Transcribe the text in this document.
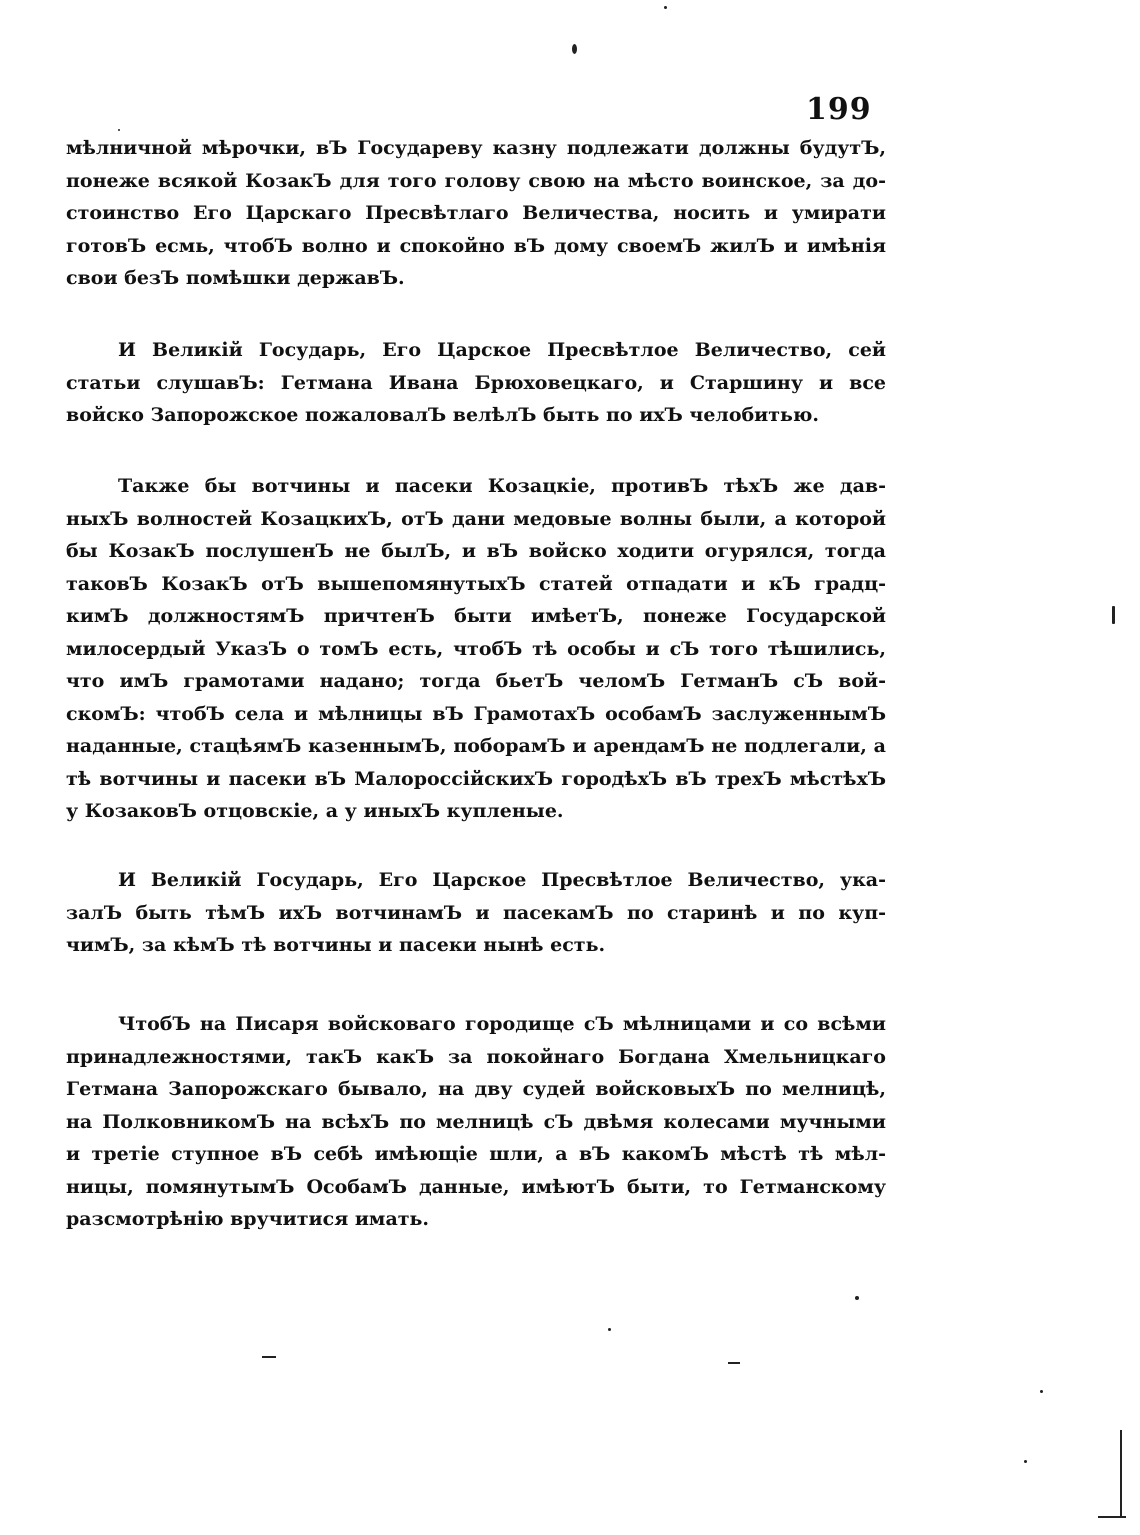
199
мѣлничной мѣрочки, вЪ Государеву казну подлежати должны будутЪ,
понеже всякой КозакЪ для того голову свою на мѣсто воинское, за до-
стоинство Его Царскаго Пресвѣтлаго Величества, носить и умирати
готовЪ есмь, чтобЪ волно и спокойно вЪ дому своемЪ жилЪ и имѣнія
свои безЪ помѣшки державЪ.
И Великій Государь, Его Царское Пресвѣтлое Величество, сей
статьи слушавЪ: Гетмана Ивана Брюховецкаго, и Старшину и все
войско Запорожское пожаловалЪ велѣлЪ быть по ихЪ челобитью.
Также бы вотчины и пасеки Козацкіе, противЪ тѣхЪ же дав-
ныхЪ волностей КозацкихЪ, отЪ дани медовые волны были, а которой
бы КозакЪ послушенЪ не былЪ, и вЪ войско ходити огурялся, тогда
таковЪ КозакЪ отЪ вышепомянутыхЪ статей отпадати и кЪ градц-
кимЪ должностямЪ причтенЪ быти имѣетЪ, понеже Государской
милосердый УказЪ о томЪ есть, чтобЪ тѣ особы и сЪ того тѣшились,
что имЪ грамотами надано; тогда бьетЪ челомЪ ГетманЪ сЪ вой-
скомЪ: чтобЪ села и мѣлницы вЪ ГрамотахЪ особамЪ заслуженнымЪ
наданные, стацѣямЪ казеннымЪ, поборамЪ и арендамЪ не подлегали, а
тѣ вотчины и пасеки вЪ МалороссійскихЪ городѣхЪ вЪ трехЪ мѣстѣхЪ
у КозаковЪ отцовскіе, а у иныхЪ купленые.
И Великій Государь, Его Царское Пресвѣтлое Величество, ука-
залЪ быть тѣмЪ ихЪ вотчинамЪ и пасекамЪ по старинѣ и по куп-
чимЪ, за кѣмЪ тѣ вотчины и пасеки нынѣ есть.
ЧтобЪ на Писаря войсковаго городище сЪ мѣлницами и со всѣми
принадлежностями, такЪ какЪ за покойнаго Богдана Хмельницкаго
Гетмана Запорожскаго бывало, на дву судей войсковыхЪ по мелницѣ,
на ПолковникомЪ на всѣхЪ по мелницѣ сЪ двѣмя колесами мучными
и третіе ступное вЪ себѣ имѣющіе шли, а вЪ какомЪ мѣстѣ тѣ мѣл-
ницы, помянутымЪ ОсобамЪ данные, имѣютЪ быти, то Гетманскому
разсмотрѣнію вручитися имать.
